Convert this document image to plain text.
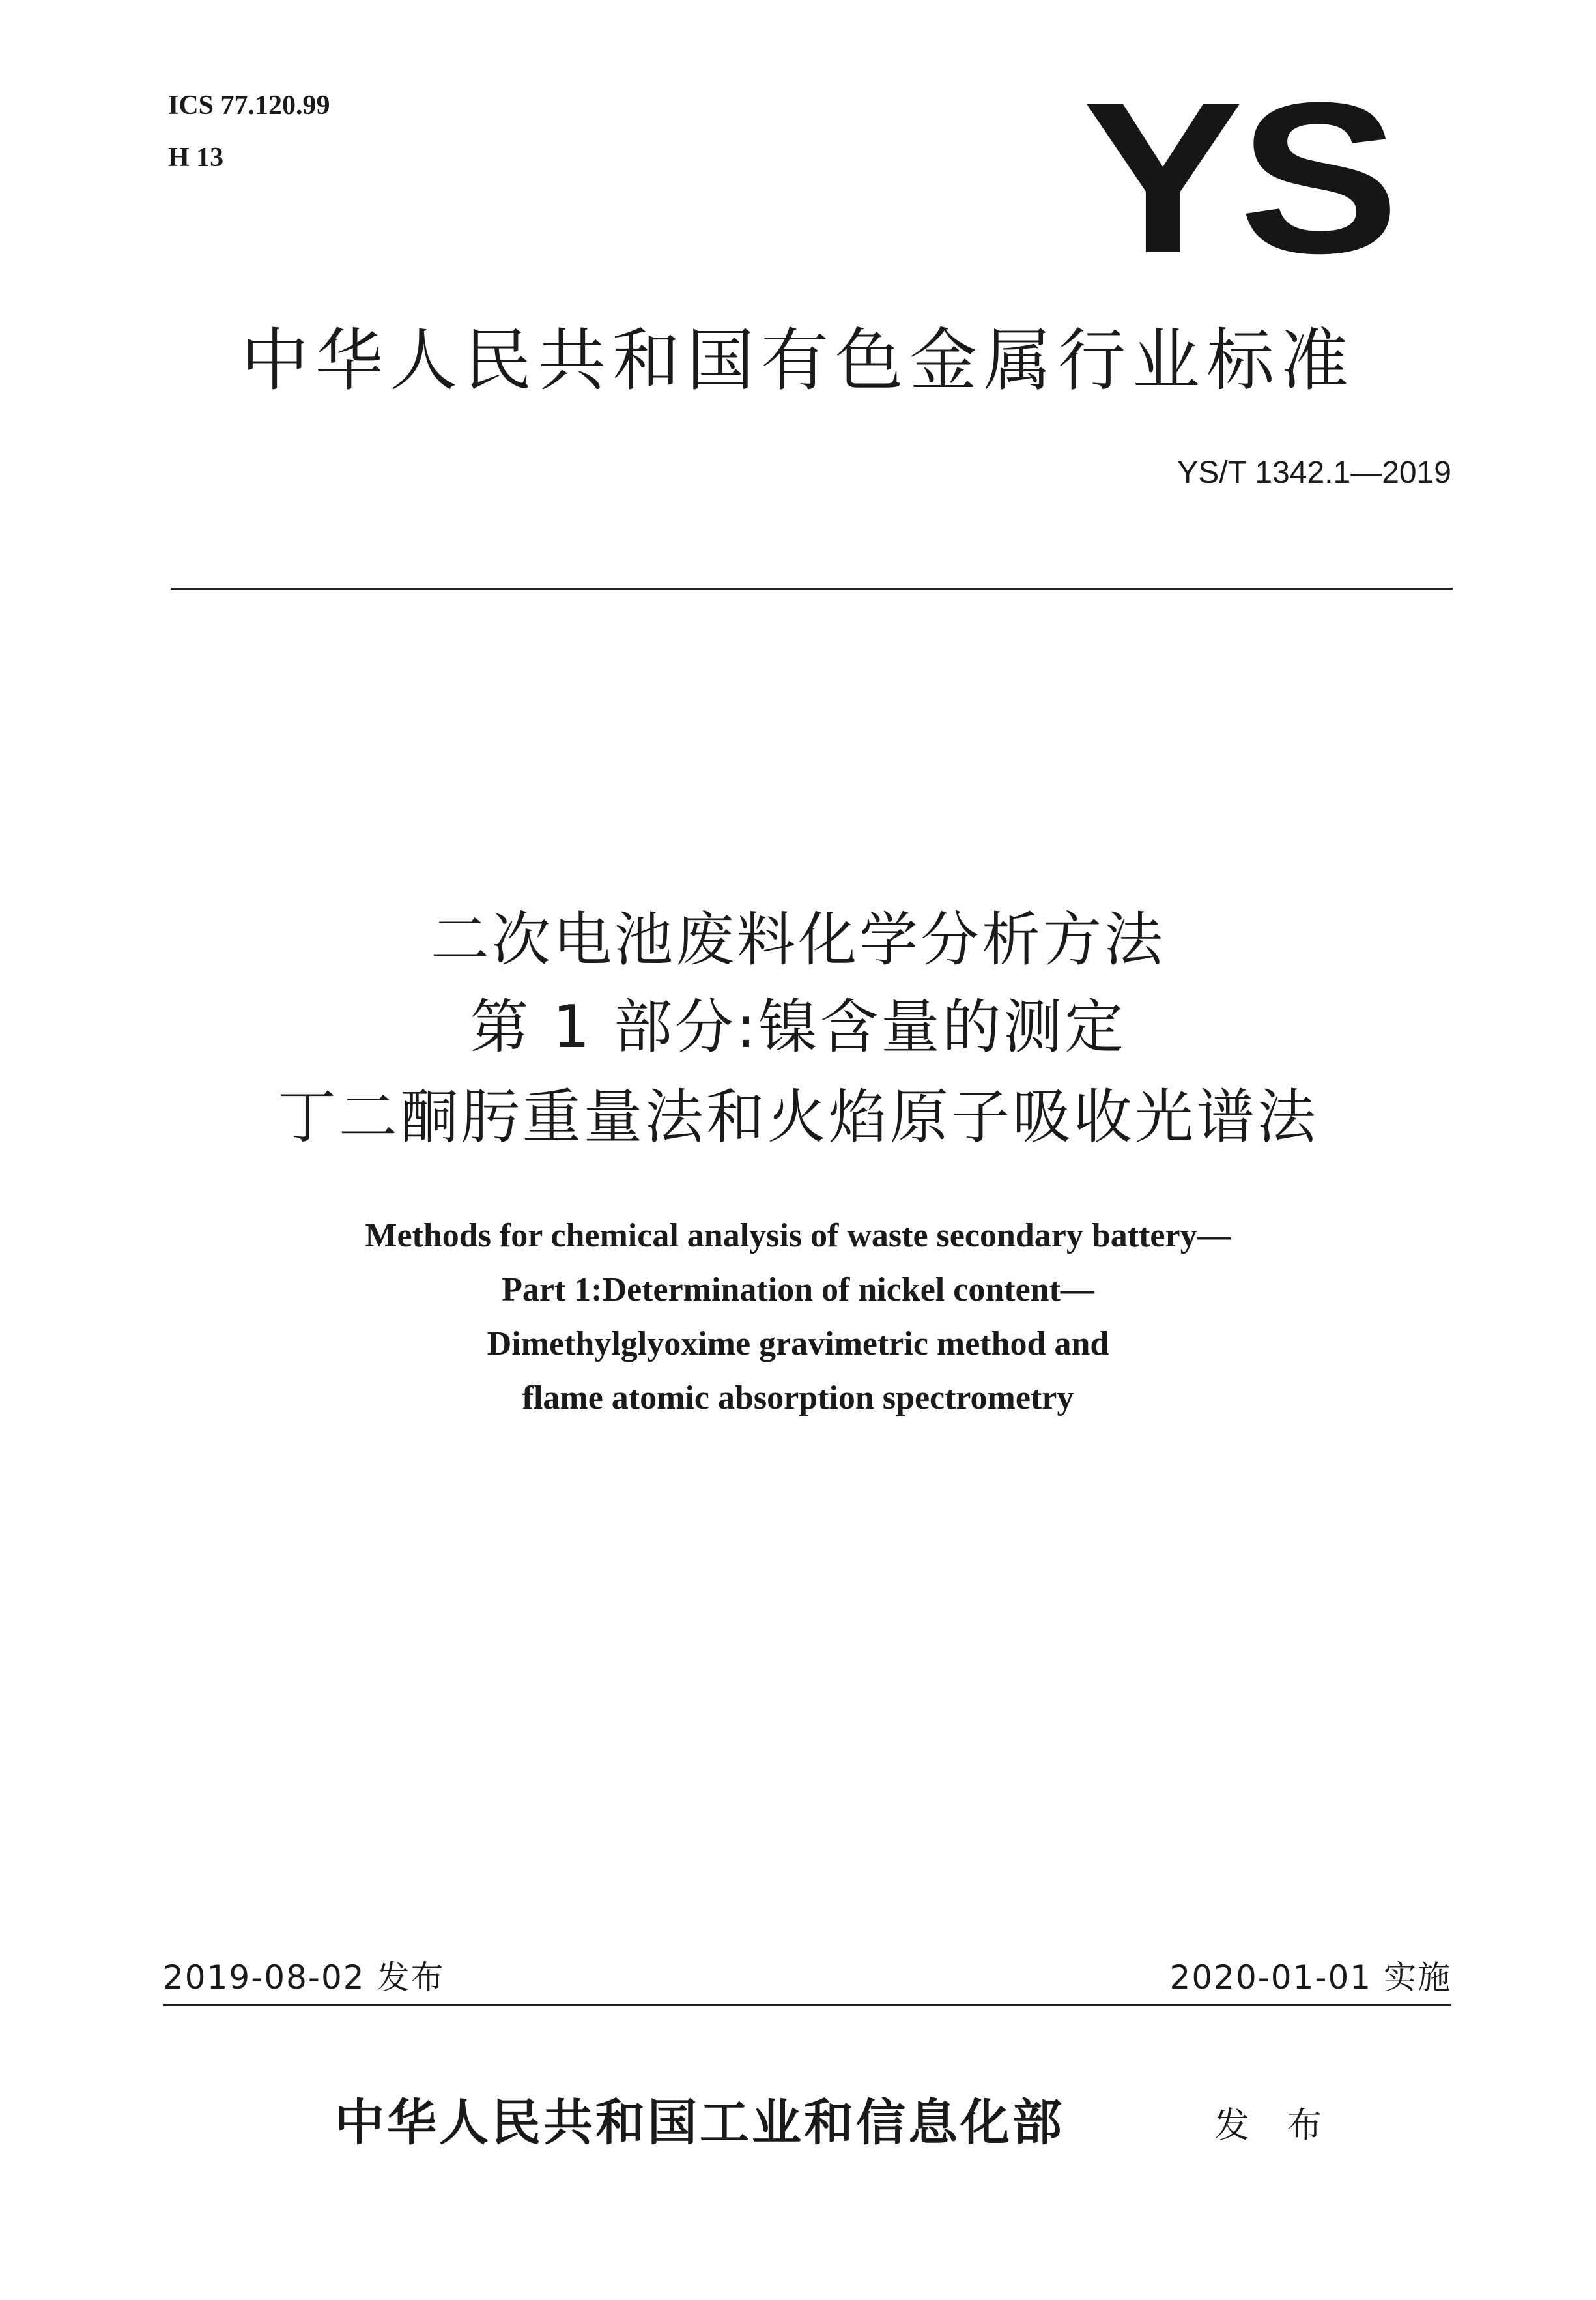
ICS 77.120.99
H 13	YS
中华人民共和国有色金属行业标准
YS/T 1342.1—2019
二次电池废料化学分析方法
第 1 部分:镍含量的测定
丁二酮肟重量法和火焰原子吸收光谱法
Methods for chemical analysis of waste secondary battery—
Part 1:Determination of nickel content—
Dimethylglyoxime gravimetric method and
flame atomic absorption spectrometry
2019-08-02 发布	2020-01-01 实施
中华人民共和国工业和信息化部	发 布
